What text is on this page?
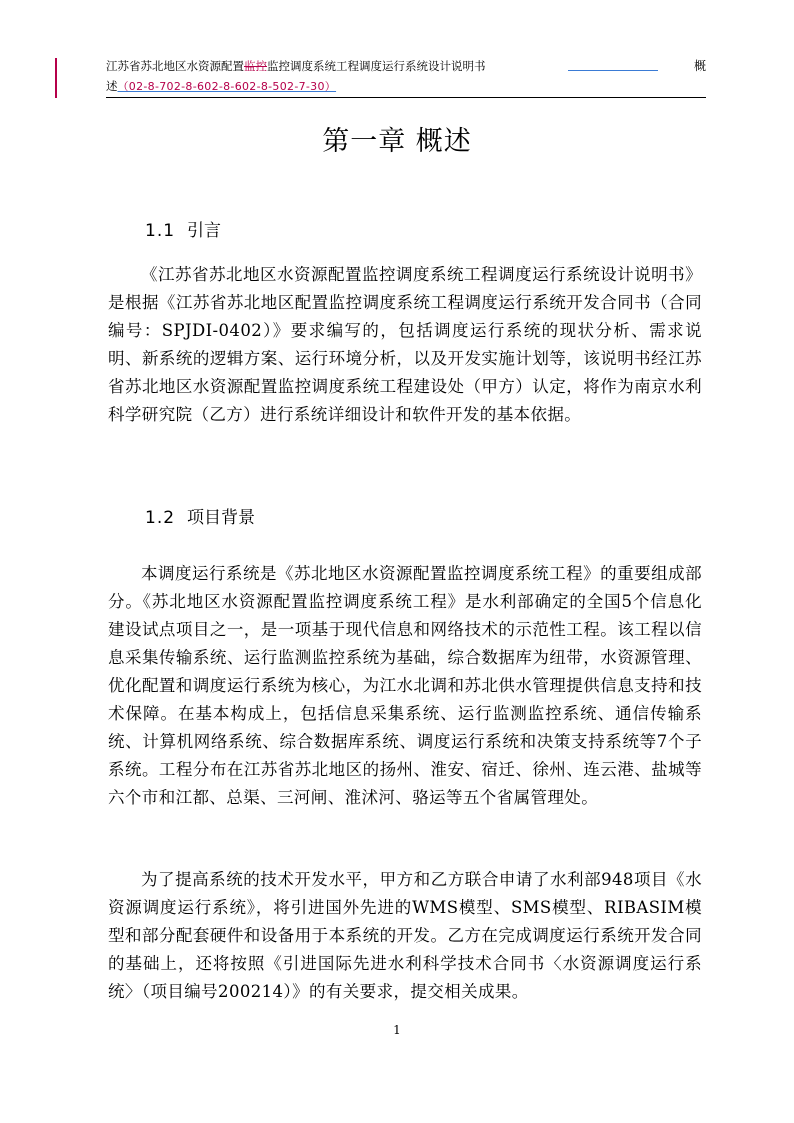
江苏省苏北地区水资源配置监控监控调度系统工程调度运行系统设计说明书	概
述（02-8-702-8-602-8-602-8-502-7-30）
第一章 概述
1.1 引言

《江苏省苏北地区水资源配置监控调度系统工程调度运行系统设计说明书》是根据《江苏省苏北地区配置监控调度系统工程调度运行系统开发合同书（合同编号：SPJDI-0402）》要求编写的，包括调度运行系统的现状分析、需求说明、新系统的逻辑方案、运行环境分析，以及开发实施计划等，该说明书经江苏省苏北地区水资源配置监控调度系统工程建设处（甲方）认定，将作为南京水利科学研究院（乙方）进行系统详细设计和软件开发的基本依据。

1.2 项目背景

本调度运行系统是《苏北地区水资源配置监控调度系统工程》的重要组成部分。《苏北地区水资源配置监控调度系统工程》是水利部确定的全国5个信息化建设试点项目之一，是一项基于现代信息和网络技术的示范性工程。该工程以信息采集传输系统、运行监测监控系统为基础，综合数据库为纽带，水资源管理、优化配置和调度运行系统为核心，为江水北调和苏北供水管理提供信息支持和技术保障。在基本构成上，包括信息采集系统、运行监测监控系统、通信传输系统、计算机网络系统、综合数据库系统、调度运行系统和决策支持系统等7个子系统。工程分布在江苏省苏北地区的扬州、淮安、宿迁、徐州、连云港、盐城等六个市和江都、总渠、三河闸、淮沭河、骆运等五个省属管理处。

为了提高系统的技术开发水平，甲方和乙方联合申请了水利部948项目《水资源调度运行系统》，将引进国外先进的WMS模型、SMS模型、RIBASIM模型和部分配套硬件和设备用于本系统的开发。乙方在完成调度运行系统开发合同的基础上，还将按照《引进国际先进水利科学技术合同书〈水资源调度运行系统〉（项目编号200214）》的有关要求，提交相关成果。

1
